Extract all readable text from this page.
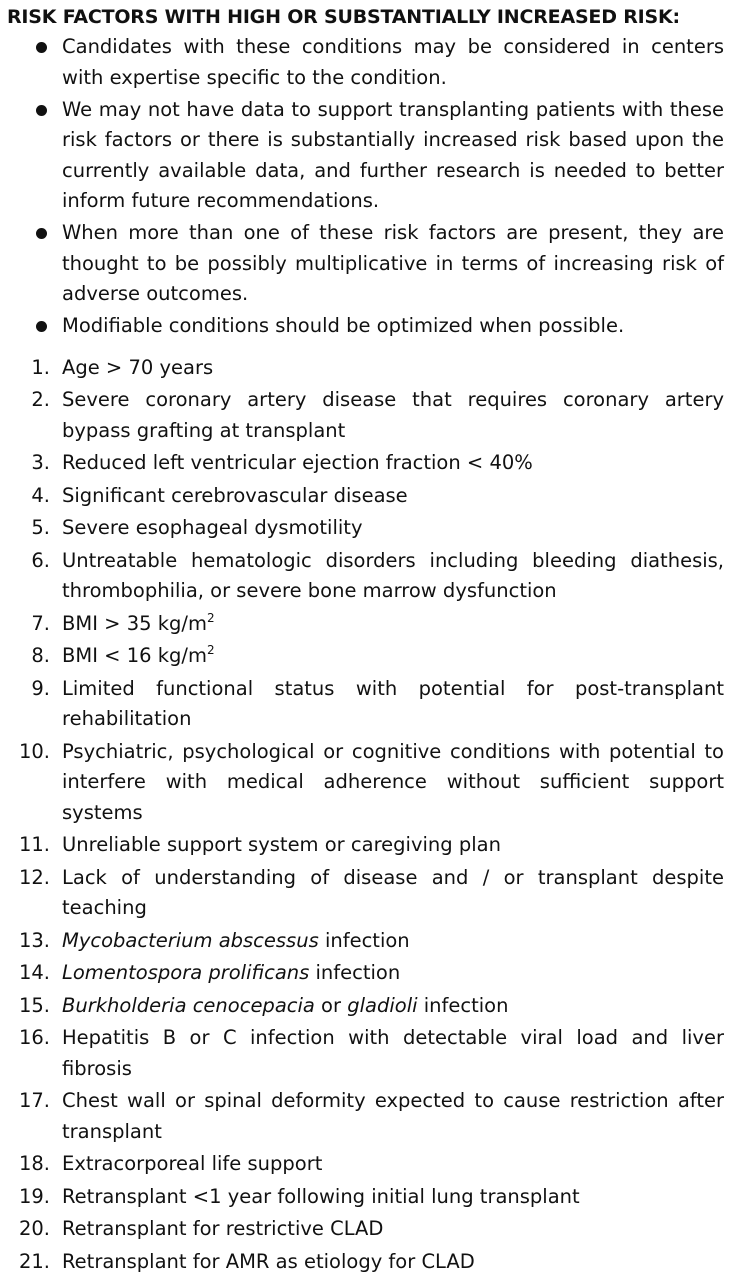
RISK FACTORS WITH HIGH OR SUBSTANTIALLY INCREASED RISK:
Candidates with these conditions may be considered in centers with expertise specific to the condition.
We may not have data to support transplanting patients with these risk factors or there is substantially increased risk based upon the currently available data, and further research is needed to better inform future recommendations.
When more than one of these risk factors are present, they are thought to be possibly multiplicative in terms of increasing risk of adverse outcomes.
Modifiable conditions should be optimized when possible.
1. Age > 70 years
2. Severe coronary artery disease that requires coronary artery bypass grafting at transplant
3. Reduced left ventricular ejection fraction < 40%
4. Significant cerebrovascular disease
5. Severe esophageal dysmotility
6. Untreatable hematologic disorders including bleeding diathesis, thrombophilia, or severe bone marrow dysfunction
7. BMI > 35 $kg/m^2$
8. BMI < 16 $kg/m^2$
9. Limited functional status with potential for post-transplant rehabilitation
10. Psychiatric, psychological or cognitive conditions with potential to interfere with medical adherence without sufficient support systems
11. Unreliable support system or caregiving plan
12. Lack of understanding of disease and / or transplant despite teaching
13. Mycobacterium abscessus infection
14. Lomentospora prolificans infection
15. Burkholderia cenocepacia or gladioli infection
16. Hepatitis B or C infection with detectable viral load and liver fibrosis
17. Chest wall or spinal deformity expected to cause restriction after transplant
18. Extracorporeal life support
19. Retransplant <1 year following initial lung transplant
20. Retransplant for restrictive CLAD
21. Retransplant for AMR as etiology for CLAD
